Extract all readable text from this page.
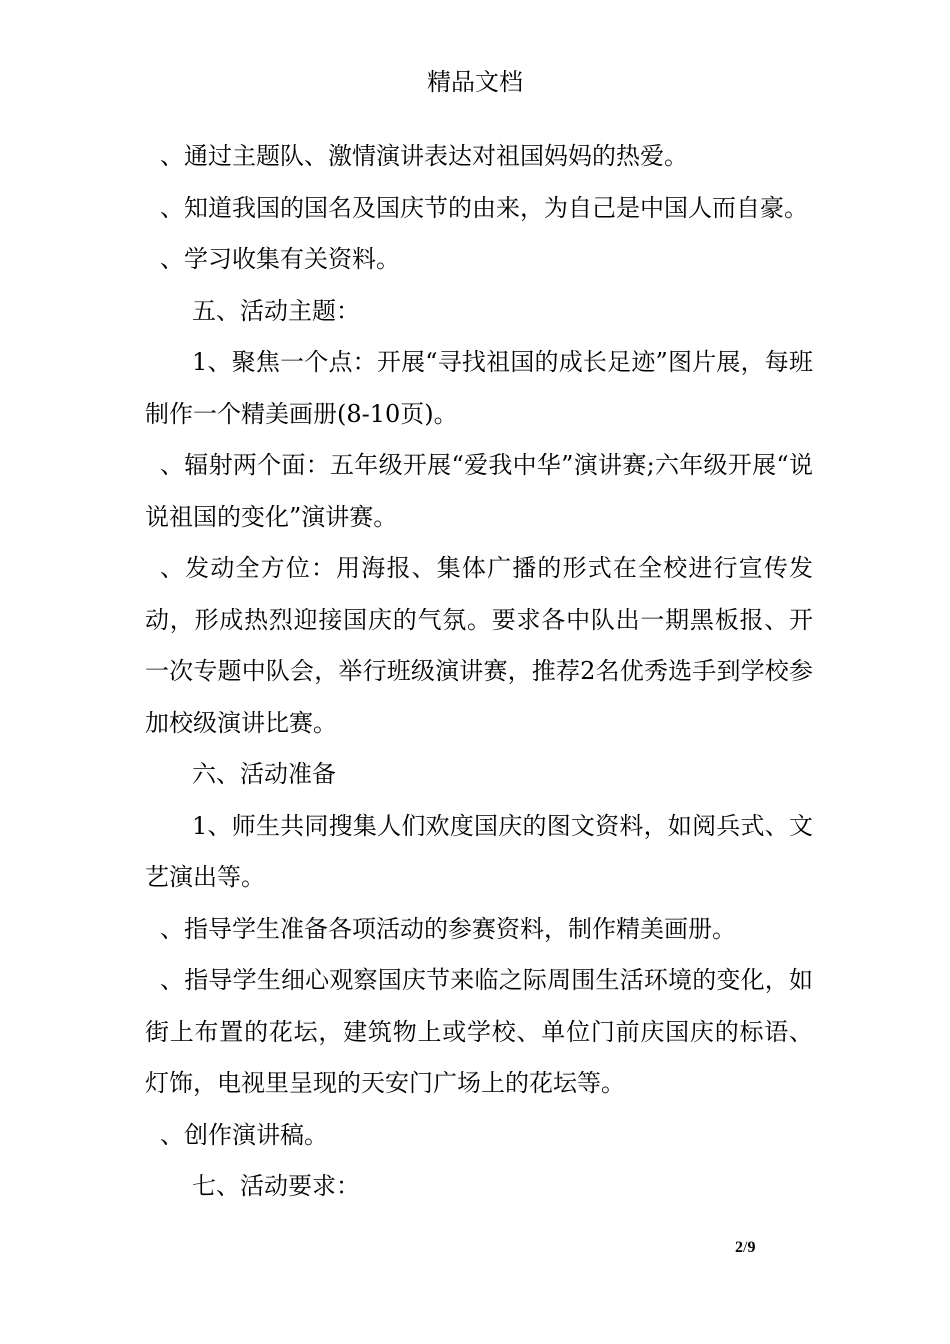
精品文档

、通过主题队、激情演讲表达对祖国妈妈的热爱。

、知道我国的国名及国庆节的由来，为自己是中国人而自豪。

、学习收集有关资料。

五、活动主题：

1、聚焦一个点：开展“寻找祖国的成长足迹”图片展，每班制作一个精美画册(8-10页)。

、辐射两个面：五年级开展“爱我中华”演讲赛;六年级开展“说说祖国的变化”演讲赛。

、发动全方位：用海报、集体广播的形式在全校进行宣传发动，形成热烈迎接国庆的气氛。要求各中队出一期黑板报、开一次专题中队会，举行班级演讲赛，推荐2名优秀选手到学校参加校级演讲比赛。

六、活动准备

1、师生共同搜集人们欢度国庆的图文资料，如阅兵式、文艺演出等。

、指导学生准备各项活动的参赛资料，制作精美画册。

、指导学生细心观察国庆节来临之际周围生活环境的变化，如街上布置的花坛，建筑物上或学校、单位门前庆国庆的标语、灯饰，电视里呈现的天安门广场上的花坛等。

、创作演讲稿。

七、活动要求：

2/9
